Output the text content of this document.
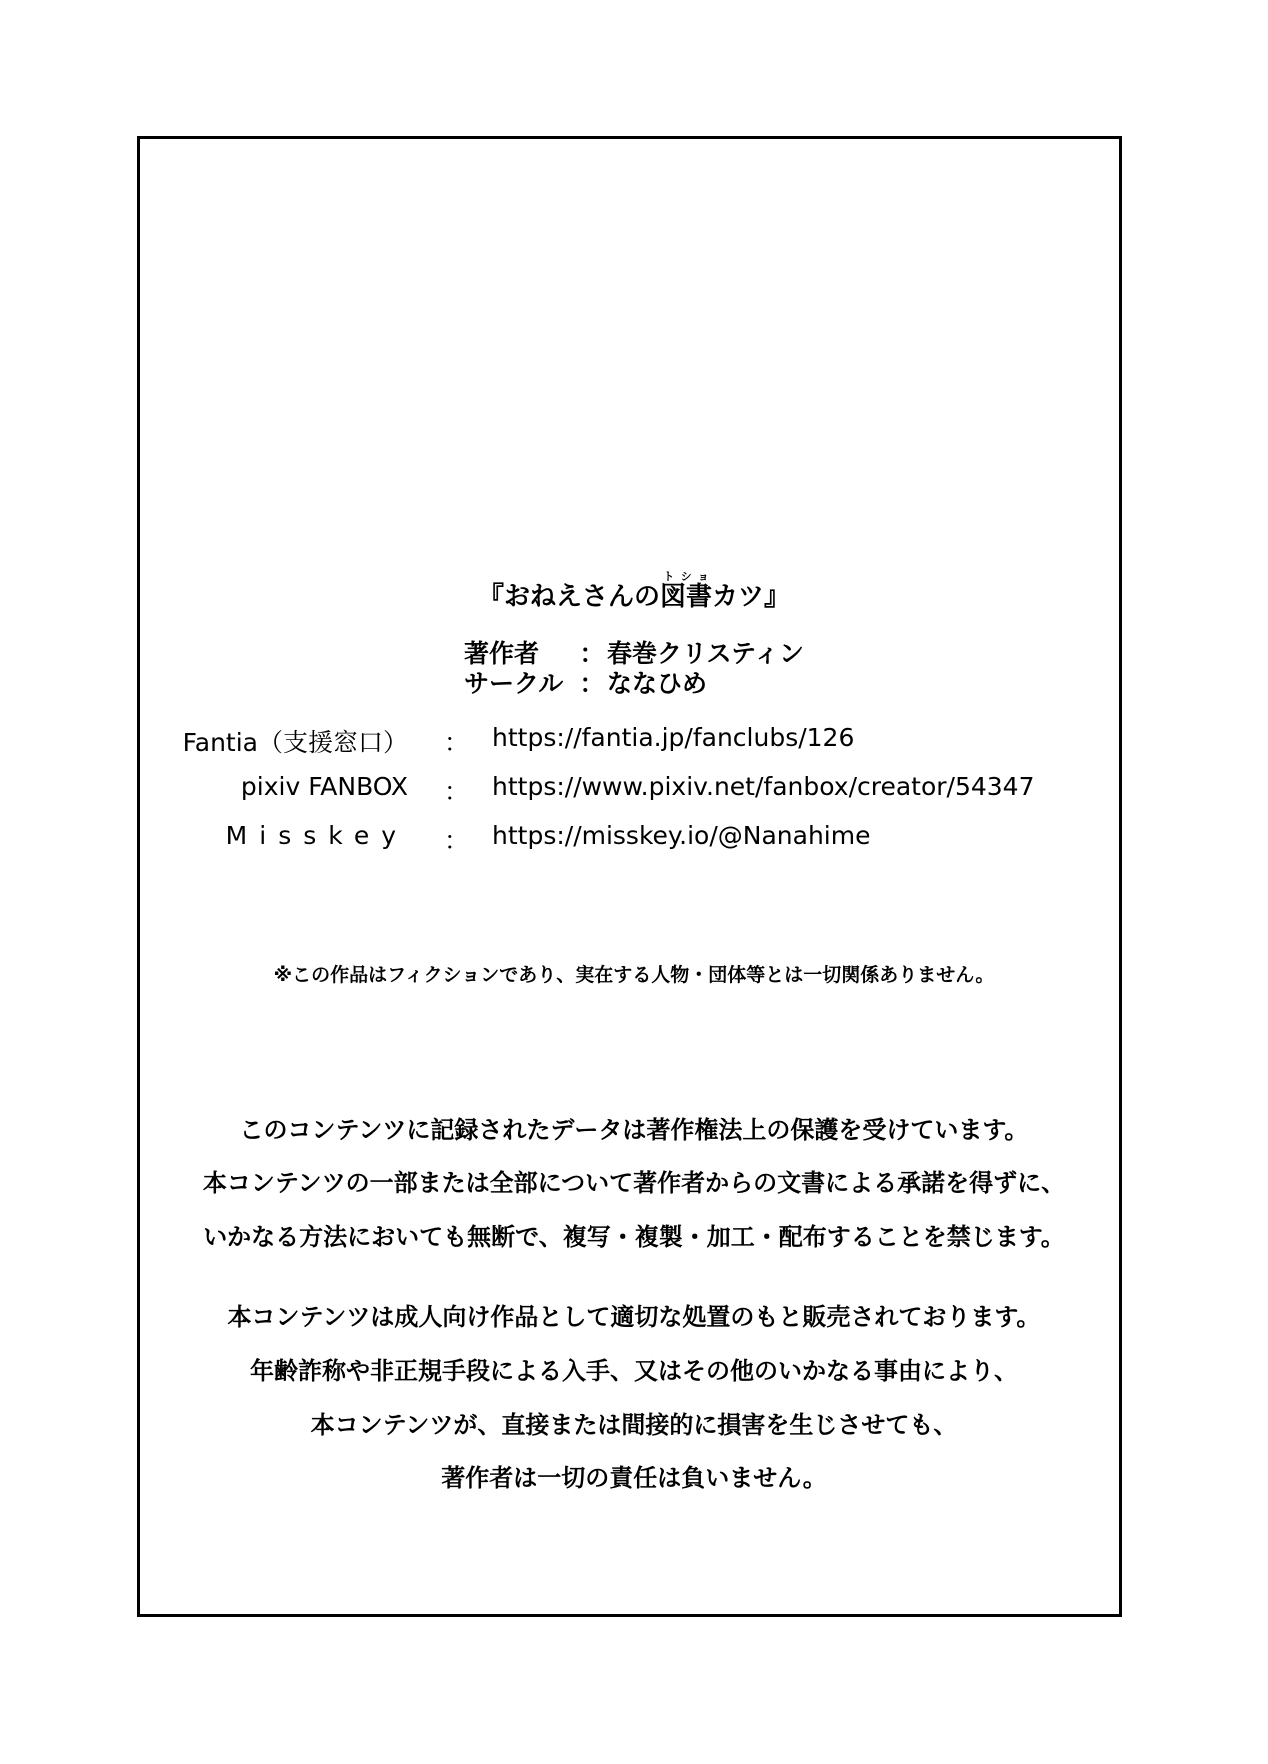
『おねえさんの図書トショカツ』
著作者 ： 春巻クリスティン
サークル ： ななひめ
Fantia（支援窓口） ： https://fantia.jp/fanclubs/126
pixiv FANBOX ： https://www.pixiv.net/fanbox/creator/54347
Misskey ： https://misskey.io/@Nanahime
※この作品はフィクションであり、実在する人物・団体等とは一切関係ありません。
このコンテンツに記録されたデータは著作権法上の保護を受けています。
本コンテンツの一部または全部について著作者からの文書による承諾を得ずに、
いかなる方法においても無断で、複写・複製・加工・配布することを禁じます。
本コンテンツは成人向け作品として適切な処置のもと販売されております。
年齢詐称や非正規手段による入手、又はその他のいかなる事由により、
本コンテンツが、直接または間接的に損害を生じさせても、
著作者は一切の責任は負いません。
